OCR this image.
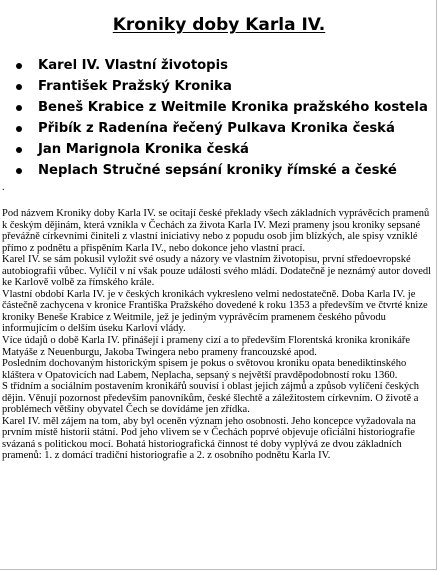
Kroniky doby Karla IV.
Karel IV. Vlastní životopis
František Pražský Kronika
Beneš Krabice z Weitmile Kronika pražského kostela
Přibík z Radenína řečený Pulkava Kronika česká
Jan Marignola Kronika česká
Neplach Stručné sepsání kroniky římské a české
.

Pod názvem Kroniky doby Karla IV. se ocitají české překlady všech základních vyprávěcích pramenů k českým dějinám, která vznikla v Čechách za života Karla IV. Mezi prameny jsou kroniky sepsané převážně církevními činiteli z vlastní iniciativy nebo z popudu osob jim blízkých, ale spisy vzniklé přímo z podnětu a přispěním Karla IV., nebo dokonce jeho vlastní prací.

Karel IV. se sám pokusil vyložit své osudy a názory ve vlastním životopisu, první středoevropské autobiografii vůbec. Vylíčil v ní však pouze události svého mládí. Dodatečně je neznámý autor dovedl ke Karlově volbě za římského krále.

Vlastní období Karla IV. je v českých kronikách vykresleno velmi nedostatečně. Doba Karla IV. je částečně zachycena v kronice Františka Pražského dovedené k roku 1353 a především ve čtvrté knize kroniky Beneše Krabice z Weitmile, jež je jediným vyprávěcím pramenem českého původu informujícím o delším úseku Karlovi vlády.

Více údajů o době Karla IV. přinášejí i prameny cizí a to především Florentská kronika kronikáře Matyáše z Neuenburgu, Jakoba Twingera nebo prameny francouzské apod.

Posledním dochovaným historickým spisem je pokus o světovou kroniku opata benediktinského kláštera v Opatovicích nad Labem, Neplacha, sepsaný s největší pravděpodobností roku 1360.

S třídním a sociálním postavením kronikářů souvisí i oblast jejich zájmů a způsob vylíčení českých dějin. Věnují pozornost především panovníkům, české šlechtě a záležitostem církevním. O životě a problémech většiny obyvatel Čech se dovídáme jen zřídka.

Karel IV. měl zájem na tom, aby byl oceněn význam jeho osobnosti. Jeho koncepce vyžadovala na prvním místě historii státní. Pod jeho vlivem se v Čechách poprvé objevuje oficiální historiografie svázaná s politickou mocí. Bohatá historiografická činnost té doby vyplývá ze dvou základních pramenů: 1. z domácí tradiční historiografie a 2. z osobního podnětu Karla IV.
